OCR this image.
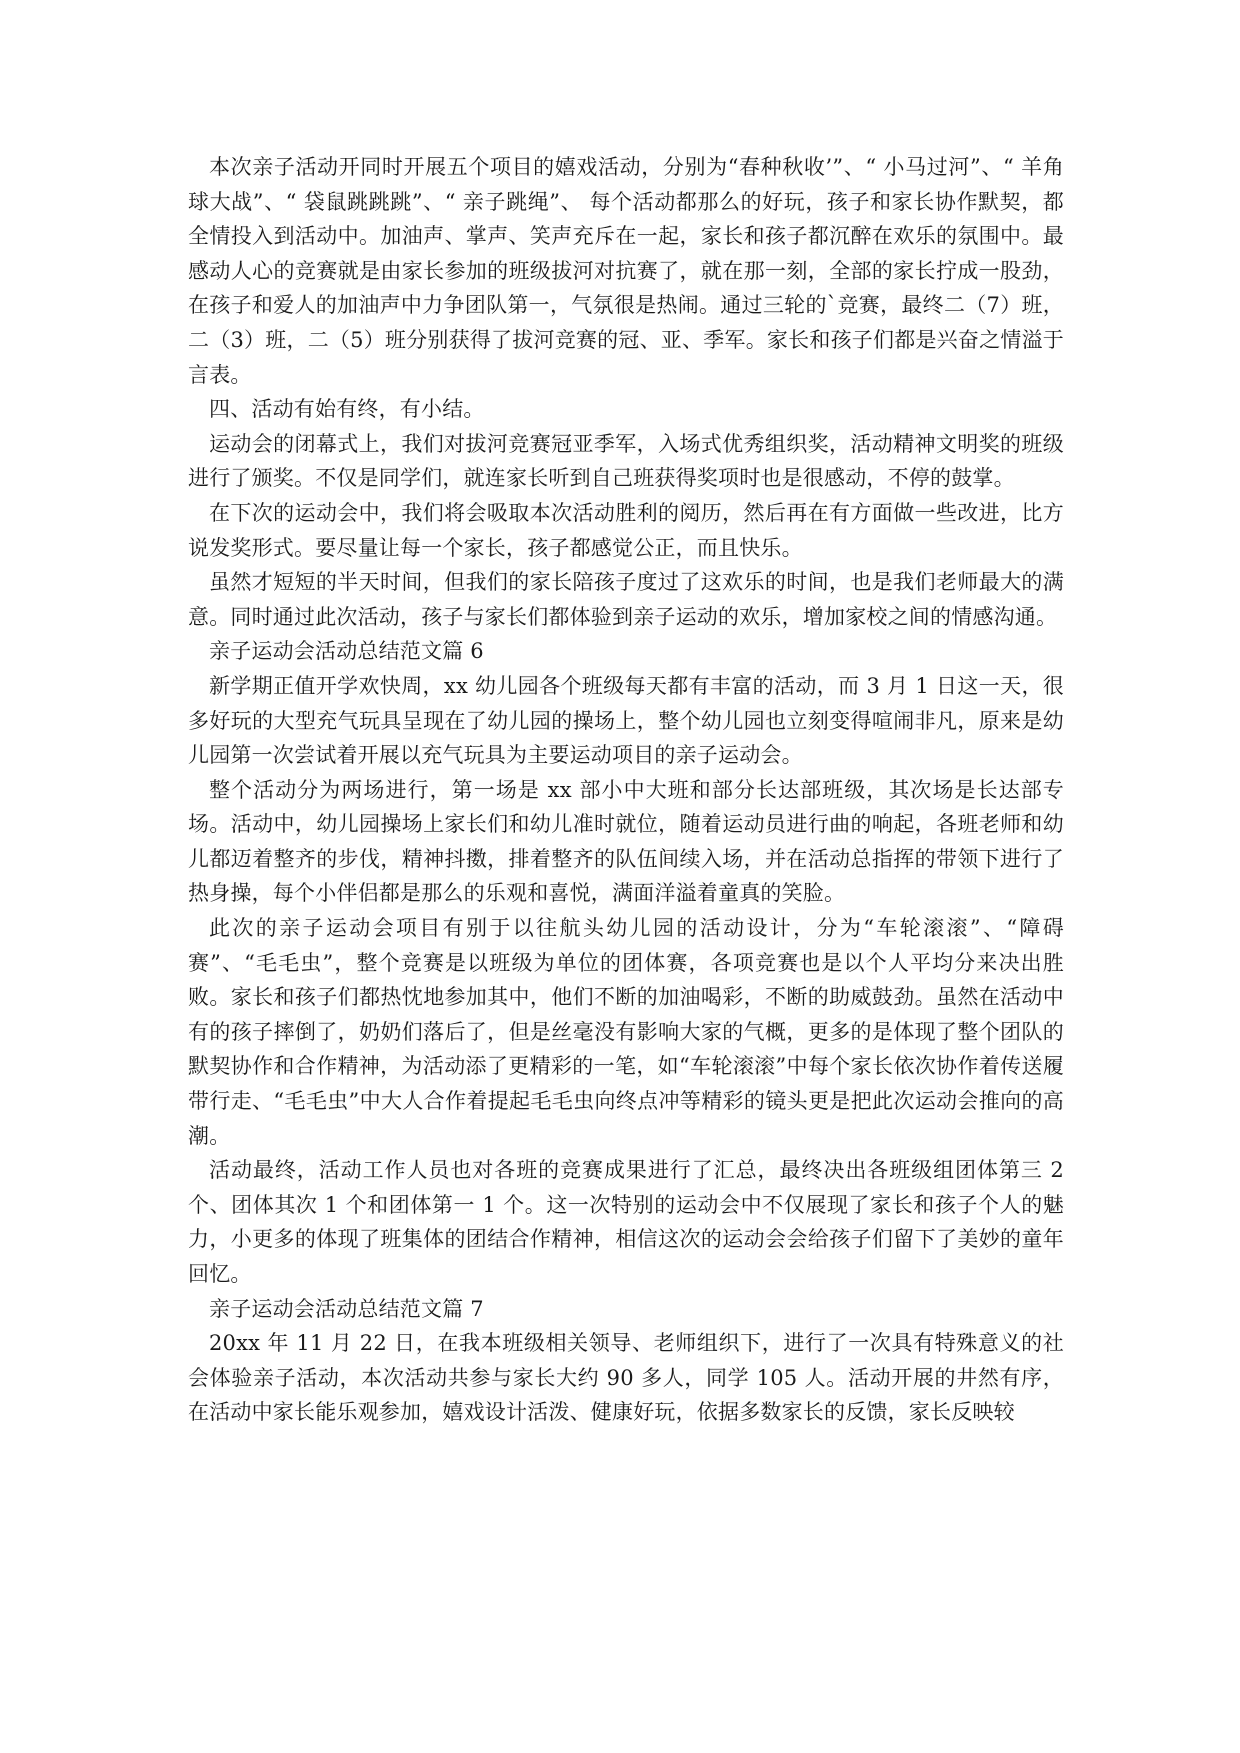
本次亲子活动开同时开展五个项目的嬉戏活动，分别为“春种秋收’”、“ 小马过河”、“ 羊角球大战”、“ 袋鼠跳跳跳”、“ 亲子跳绳”、 每个活动都那么的好玩，孩子和家长协作默契，都全情投入到活动中。加油声、掌声、笑声充斥在一起，家长和孩子都沉醉在欢乐的氛围中。最感动人心的竞赛就是由家长参加的班级拔河对抗赛了，就在那一刻，全部的家长拧成一股劲，在孩子和爱人的加油声中力争团队第一，气氛很是热闹。通过三轮的`竞赛，最终二（7）班，二（3）班，二（5）班分别获得了拔河竞赛的冠、亚、季军。家长和孩子们都是兴奋之情溢于言表。

四、活动有始有终，有小结。

运动会的闭幕式上，我们对拔河竞赛冠亚季军，入场式优秀组织奖，活动精神文明奖的班级进行了颁奖。不仅是同学们，就连家长听到自己班获得奖项时也是很感动，不停的鼓掌。

在下次的运动会中，我们将会吸取本次活动胜利的阅历，然后再在有方面做一些改进，比方说发奖形式。要尽量让每一个家长，孩子都感觉公正，而且快乐。

虽然才短短的半天时间，但我们的家长陪孩子度过了这欢乐的时间，也是我们老师最大的满意。同时通过此次活动，孩子与家长们都体验到亲子运动的欢乐，增加家校之间的情感沟通。

亲子运动会活动总结范文篇 6

新学期正值开学欢快周，xx 幼儿园各个班级每天都有丰富的活动，而 3 月 1 日这一天，很多好玩的大型充气玩具呈现在了幼儿园的操场上，整个幼儿园也立刻变得喧闹非凡，原来是幼儿园第一次尝试着开展以充气玩具为主要运动项目的亲子运动会。

整个活动分为两场进行，第一场是 xx 部小中大班和部分长达部班级，其次场是长达部专场。活动中，幼儿园操场上家长们和幼儿准时就位，随着运动员进行曲的响起，各班老师和幼儿都迈着整齐的步伐，精神抖擞，排着整齐的队伍间续入场，并在活动总指挥的带领下进行了热身操，每个小伴侣都是那么的乐观和喜悦，满面洋溢着童真的笑脸。

此次的亲子运动会项目有别于以往航头幼儿园的活动设计，分为“车轮滚滚”、“障碍赛”、“毛毛虫”，整个竞赛是以班级为单位的团体赛，各项竞赛也是以个人平均分来决出胜败。家长和孩子们都热忱地参加其中，他们不断的加油喝彩，不断的助威鼓劲。虽然在活动中有的孩子摔倒了，奶奶们落后了，但是丝毫没有影响大家的气概，更多的是体现了整个团队的默契协作和合作精神，为活动添了更精彩的一笔，如“车轮滚滚”中每个家长依次协作着传送履带行走、“毛毛虫”中大人合作着提起毛毛虫向终点冲等精彩的镜头更是把此次运动会推向的高潮。

活动最终，活动工作人员也对各班的竞赛成果进行了汇总，最终决出各班级组团体第三 2 个、团体其次 1 个和团体第一 1 个。这一次特别的运动会中不仅展现了家长和孩子个人的魅力，小更多的体现了班集体的团结合作精神，相信这次的运动会会给孩子们留下了美妙的童年回忆。

亲子运动会活动总结范文篇 7

20xx 年 11 月 22 日，在我本班级相关领导、老师组织下，进行了一次具有特殊意义的社会体验亲子活动，本次活动共参与家长大约 90 多人，同学 105 人。活动开展的井然有序，在活动中家长能乐观参加，嬉戏设计活泼、健康好玩，依据多数家长的反馈，家长反映较
